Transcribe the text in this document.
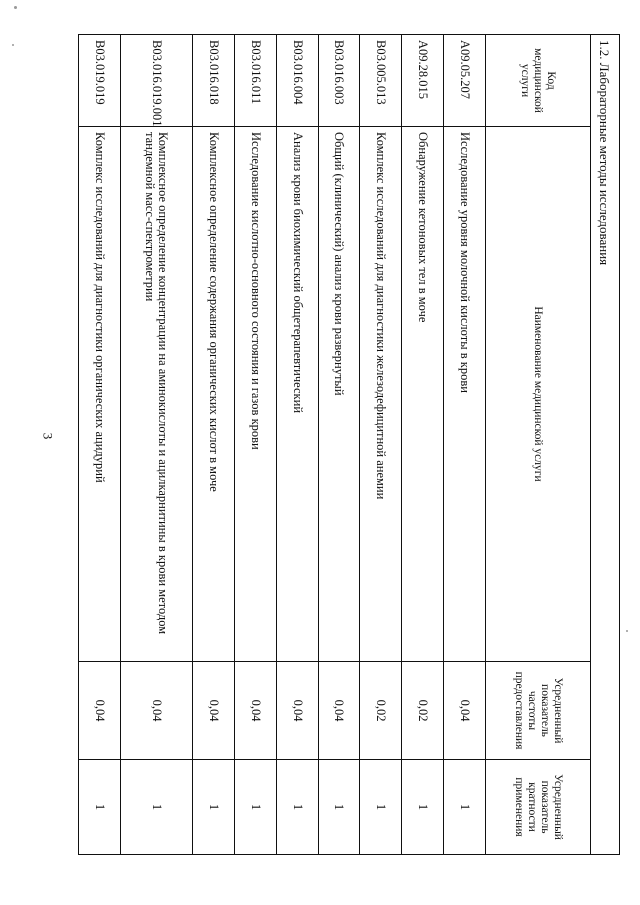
3
1.2. Лабораторные методы исследования			
Код медицинской услуги	Наименование медицинской услуги	Усредненный показатель частоты предоставления	Усредненный показатель кратности применения
A09.05.207	Исследование уровня молочной кислоты в крови	0,04	1
A09.28.015	Обнаружение кетоновых тел в моче	0,02	1
B03.005.013	Комплекс исследований для диагностики железодефицитной анемии	0,02	1
B03.016.003	Общий (клинический) анализ крови развернутый	0,04	1
B03.016.004	Анализ крови биохимический общетерапевтический	0,04	1
B03.016.011	Исследование кислотно-основного состояния и газов крови	0,04	1
B03.016.018	Комплексное определение содержания органических кислот в моче	0,04	1
B03.016.019.001	Комплексное определение концентрации на аминокислоты и ацилкарнитины в крови методом тандемной масс-спектрометрии	0,04	1
B03.019.019	Комплекс исследований для диагностики органических ацидурий	0,04	1
